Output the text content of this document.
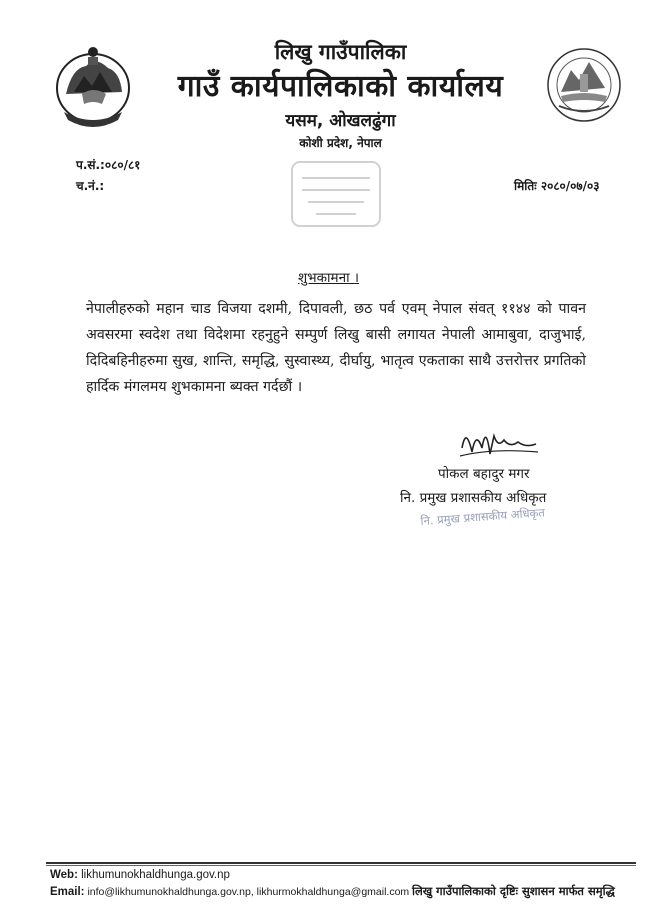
लिखु गाउँपालिका
गाउँ कार्यपालिकाको कार्यालय
यसम, ओखलढुंगा
कोशी प्रदेश, नेपाल
प.सं.:०८०/८१
च.नं.:	मितिः २०८०/०७/०३
शुभकामना ।
नेपालीहरुको महान चाड विजया दशमी, दिपावली, छठ पर्व एवम् नेपाल संवत् ११४४ को पावन अवसरमा स्वदेश तथा विदेशमा रहनुहुने सम्पुर्ण लिखु बासी लगायत नेपाली आमाबुवा, दाजुभाई, दिदिबहिनीहरुमा सुख, शान्ति, समृद्धि, सुस्वास्थ्य, दीर्घायु, भातृत्व एकताका साथै उत्तरोत्तर प्रगतिको हार्दिक मंगलमय शुभकामना ब्यक्त गर्दछौं ।
पोकल बहादुर मगर
नि. प्रमुख प्रशासकीय अधिकृत
नि. प्रमुख प्रशासकीय अधिकृत
Web: likhumunokhaldhunga.gov.np
Email: info@likhumunokhaldhunga.gov.np, likhurmokhaldhunga@gmail.com लिखु गाउँपालिकाको दृष्टिः सुशासन मार्फत समृद्धि
